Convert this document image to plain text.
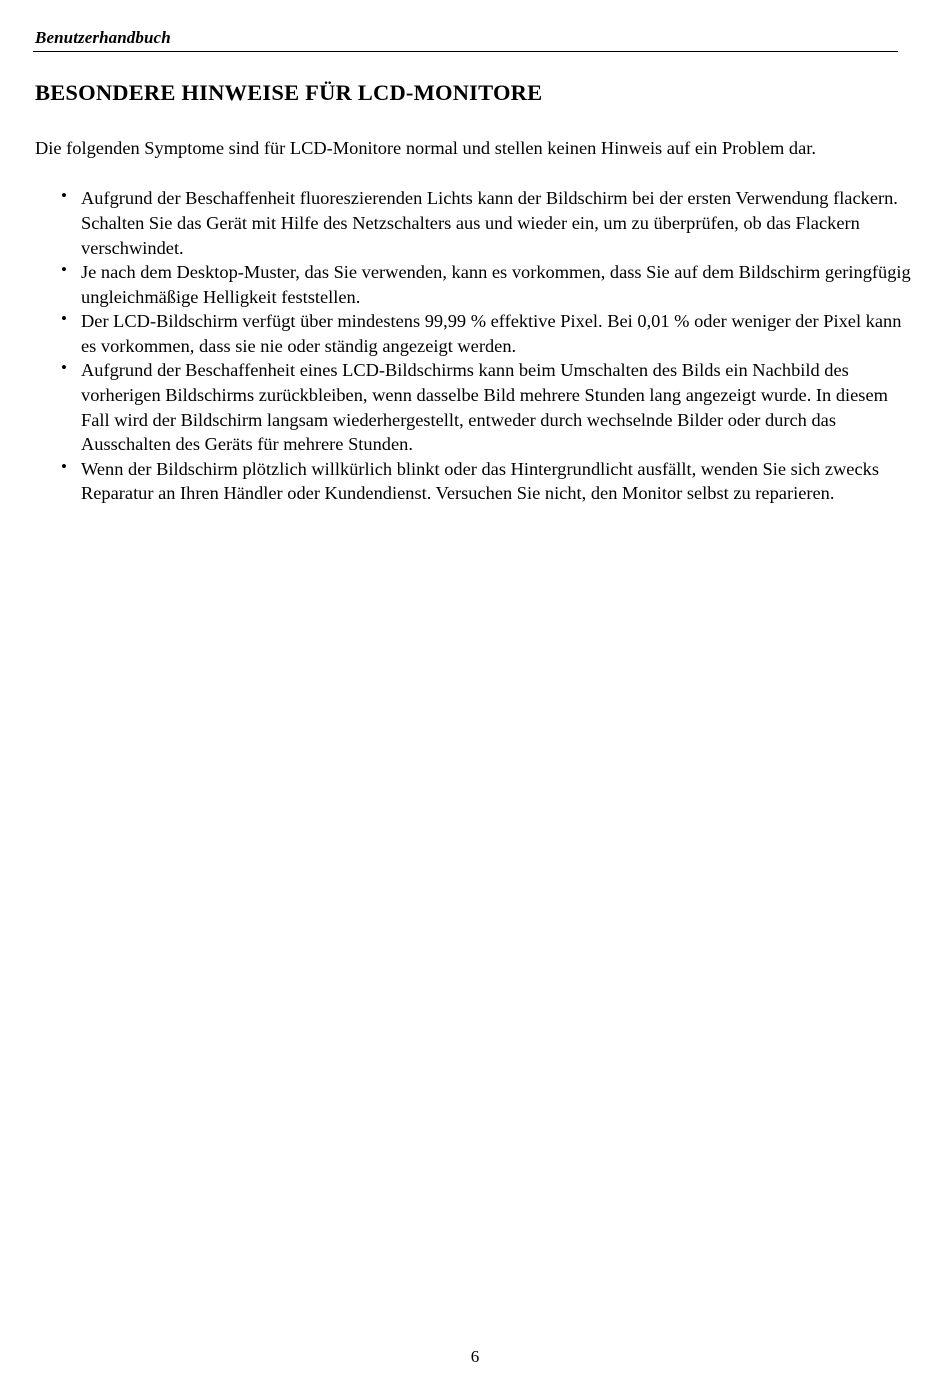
Benutzerhandbuch
BESONDERE HINWEISE FÜR LCD-MONITORE

Die folgenden Symptome sind für LCD-Monitore normal und stellen keinen Hinweis auf ein Problem dar.

• Aufgrund der Beschaffenheit fluoreszierenden Lichts kann der Bildschirm bei der ersten Verwendung flackern. Schalten Sie das Gerät mit Hilfe des Netzschalters aus und wieder ein, um zu überprüfen, ob das Flackern verschwindet.
• Je nach dem Desktop-Muster, das Sie verwenden, kann es vorkommen, dass Sie auf dem Bildschirm geringfügig ungleichmäßige Helligkeit feststellen.
• Der LCD-Bildschirm verfügt über mindestens 99,99 % effektive Pixel. Bei 0,01 % oder weniger der Pixel kann es vorkommen, dass sie nie oder ständig angezeigt werden.
• Aufgrund der Beschaffenheit eines LCD-Bildschirms kann beim Umschalten des Bilds ein Nachbild des vorherigen Bildschirms zurückbleiben, wenn dasselbe Bild mehrere Stunden lang angezeigt wurde. In diesem Fall wird der Bildschirm langsam wiederhergestellt, entweder durch wechselnde Bilder oder durch das Ausschalten des Geräts für mehrere Stunden.
• Wenn der Bildschirm plötzlich willkürlich blinkt oder das Hintergrundlicht ausfällt, wenden Sie sich zwecks Reparatur an Ihren Händler oder Kundendienst. Versuchen Sie nicht, den Monitor selbst zu reparieren.
6
